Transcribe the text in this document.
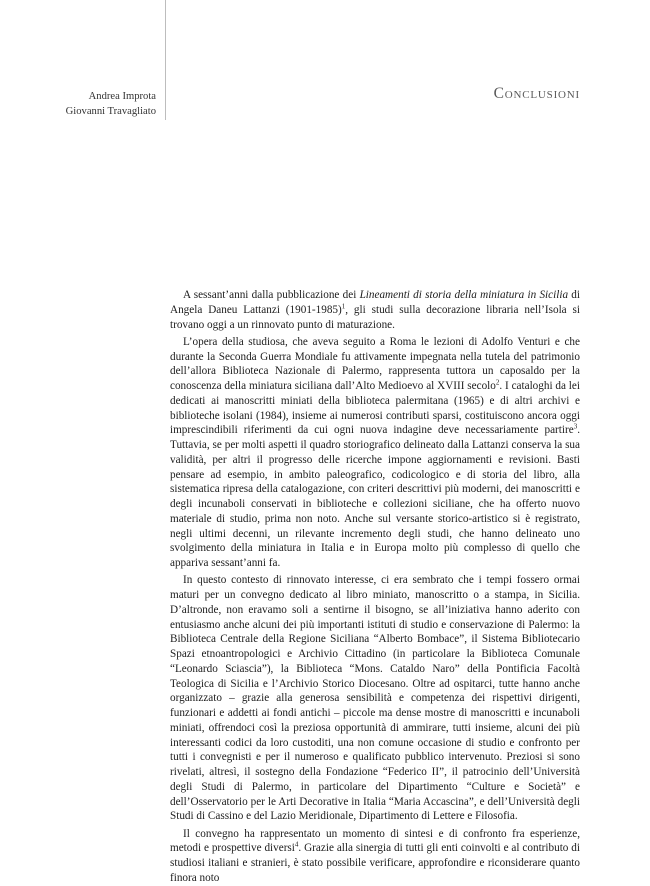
Andrea Improta
Giovanni Travagliato
Conclusioni

A sessant’anni dalla pubblicazione dei Lineamenti di storia della miniatura in Sicilia di Angela Daneu Lattanzi (1901-1985)$^1$, gli studi sulla decorazione libraria nell’Isola si trovano oggi a un rinnovato punto di maturazione.

L’opera della studiosa, che aveva seguito a Roma le lezioni di Adolfo Venturi e che durante la Seconda Guerra Mondiale fu attivamente impegnata nella tutela del patrimonio dell’allora Biblioteca Nazionale di Palermo, rappresenta tuttora un caposaldo per la conoscenza della miniatura siciliana dall’Alto Medioevo al XVIII secolo$^2$. I cataloghi da lei dedicati ai manoscritti miniati della biblioteca palermitana (1965) e di altri archivi e biblioteche isolani (1984), insieme ai numerosi contributi sparsi, costituiscono ancora oggi imprescindibili riferimenti da cui ogni nuova indagine deve necessariamente partire$^3$. Tuttavia, se per molti aspetti il quadro storiografico delineato dalla Lattanzi conserva la sua validità, per altri il progresso delle ricerche impone aggiornamenti e revisioni. Basti pensare ad esempio, in ambito paleografico, codicologico e di storia del libro, alla sistematica ripresa della catalogazione, con criteri descrittivi più moderni, dei manoscritti e degli incunaboli conservati in biblioteche e collezioni siciliane, che ha offerto nuovo materiale di studio, prima non noto. Anche sul versante storico-artistico si è registrato, negli ultimi decenni, un rilevante incremento degli studi, che hanno delineato uno svolgimento della miniatura in Italia e in Europa molto più complesso di quello che appariva sessant’anni fa.

In questo contesto di rinnovato interesse, ci era sembrato che i tempi fossero ormai maturi per un convegno dedicato al libro miniato, manoscritto o a stampa, in Sicilia. D’altronde, non eravamo soli a sentirne il bisogno, se all’iniziativa hanno aderito con entusiasmo anche alcuni dei più importanti istituti di studio e conservazione di Palermo: la Biblioteca Centrale della Regione Siciliana “Alberto Bombace”, il Sistema Bibliotecario Spazi etnoantropologici e Archivio Cittadino (in particolare la Biblioteca Comunale “Leonardo Sciascia”), la Biblioteca “Mons. Cataldo Naro” della Pontificia Facoltà Teologica di Sicilia e l’Archivio Storico Diocesano. Oltre ad ospitarci, tutte hanno anche organizzato – grazie alla generosa sensibilità e competenza dei rispettivi dirigenti, funzionari e addetti ai fondi antichi – piccole ma dense mostre di manoscritti e incunaboli miniati, offrendoci così la preziosa opportunità di ammirare, tutti insieme, alcuni dei più interessanti codici da loro custoditi, una non comune occasione di studio e confronto per tutti i convegnisti e per il numeroso e qualificato pubblico intervenuto. Preziosi si sono rivelati, altresì, il sostegno della Fondazione “Federico II”, il patrocinio dell’Università degli Studi di Palermo, in particolare del Dipartimento “Culture e Società” e dell’Osservatorio per le Arti Decorative in Italia “Maria Accascina”, e dell’Università degli Studi di Cassino e del Lazio Meridionale, Dipartimento di Lettere e Filosofia.

Il convegno ha rappresentato un momento di sintesi e di confronto fra esperienze, metodi e prospettive diversi$^4$. Grazie alla sinergia di tutti gli enti coinvolti e al contributo di studiosi italiani e stranieri, è stato possibile verificare, approfondire e riconsiderare quanto finora noto
